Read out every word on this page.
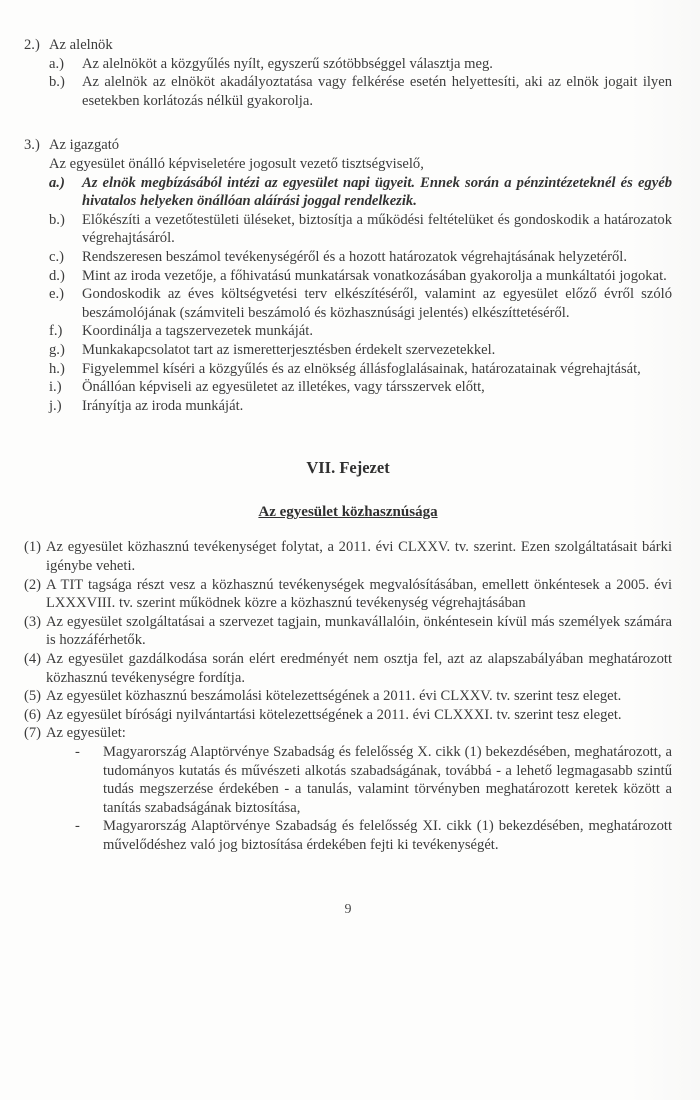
2.) Az alelnök
a.) Az alelnököt a közgyűlés nyílt, egyszerű szótöbbséggel választja meg.
b.) Az alelnök az elnököt akadályoztatása vagy felkérése esetén helyettesíti, aki az elnök jogait ilyen esetekben korlátozás nélkül gyakorolja.
3.) Az igazgató
Az egyesület önálló képviseletére jogosult vezető tisztségviselő,
a.) Az elnök megbízásából intézi az egyesület napi ügyeit. Ennek során a pénzintézeteknél és egyéb hivatalos helyeken önállóan aláírási joggal rendelkezik.
b.) Előkészíti a vezetőtestületi üléseket, biztosítja a működési feltételüket és gondoskodik a határozatok végrehajtásáról.
c.) Rendszeresen beszámol tevékenységéről és a hozott határozatok végrehajtásának helyzetéről.
d.) Mint az iroda vezetője, a főhivatású munkatársak vonatkozásában gyakorolja a munkáltatói jogokat.
e.) Gondoskodik az éves költségvetési terv elkészítéséről, valamint az egyesület előző évről szóló beszámolójának (számviteli beszámoló és közhasznúsági jelentés) elkészíttetéséről.
f.) Koordinálja a tagszervezetek munkáját.
g.) Munkakapcsolatot tart az ismeretterjesztésben érdekelt szervezetekkel.
h.) Figyelemmel kíséri a közgyűlés és az elnökség állásfoglalásainak, határozatainak végrehajtását,
i.) Önállóan képviseli az egyesületet az illetékes, vagy társszervek előtt,
j.) Irányítja az iroda munkáját.
VII. Fejezet
Az egyesület közhasznúsága
(1) Az egyesület közhasznú tevékenységet folytat, a 2011. évi CLXXV. tv. szerint. Ezen szolgáltatásait bárki igénybe veheti.
(2) A TIT tagsága részt vesz a közhasznú tevékenységek megvalósításában, emellett önkéntesek a 2005. évi LXXXVIII. tv. szerint működnek közre a közhasznú tevékenység végrehajtásában
(3) Az egyesület szolgáltatásai a szervezet tagjain, munkavállalóin, önkéntesein kívül más személyek számára is hozzáférhetők.
(4) Az egyesület gazdálkodása során elért eredményét nem osztja fel, azt az alapszabályában meghatározott közhasznú tevékenységre fordítja.
(5) Az egyesület közhasznú beszámolási kötelezettségének a 2011. évi CLXXV. tv. szerint tesz eleget.
(6) Az egyesület bírósági nyilvántartási kötelezettségének a 2011. évi CLXXXI. tv. szerint tesz eleget.
(7) Az egyesület:
- Magyarország Alaptörvénye Szabadság és felelősség X. cikk (1) bekezdésében, meghatározott, a tudományos kutatás és művészeti alkotás szabadságának, továbbá - a lehető legmagasabb szintű tudás megszerzése érdekében - a tanulás, valamint törvényben meghatározott keretek között a tanítás szabadságának biztosítása,
- Magyarország Alaptörvénye Szabadság és felelősség XI. cikk (1) bekezdésében, meghatározott művelődéshez való jog biztosítása érdekében fejti ki tevékenységét.
9
